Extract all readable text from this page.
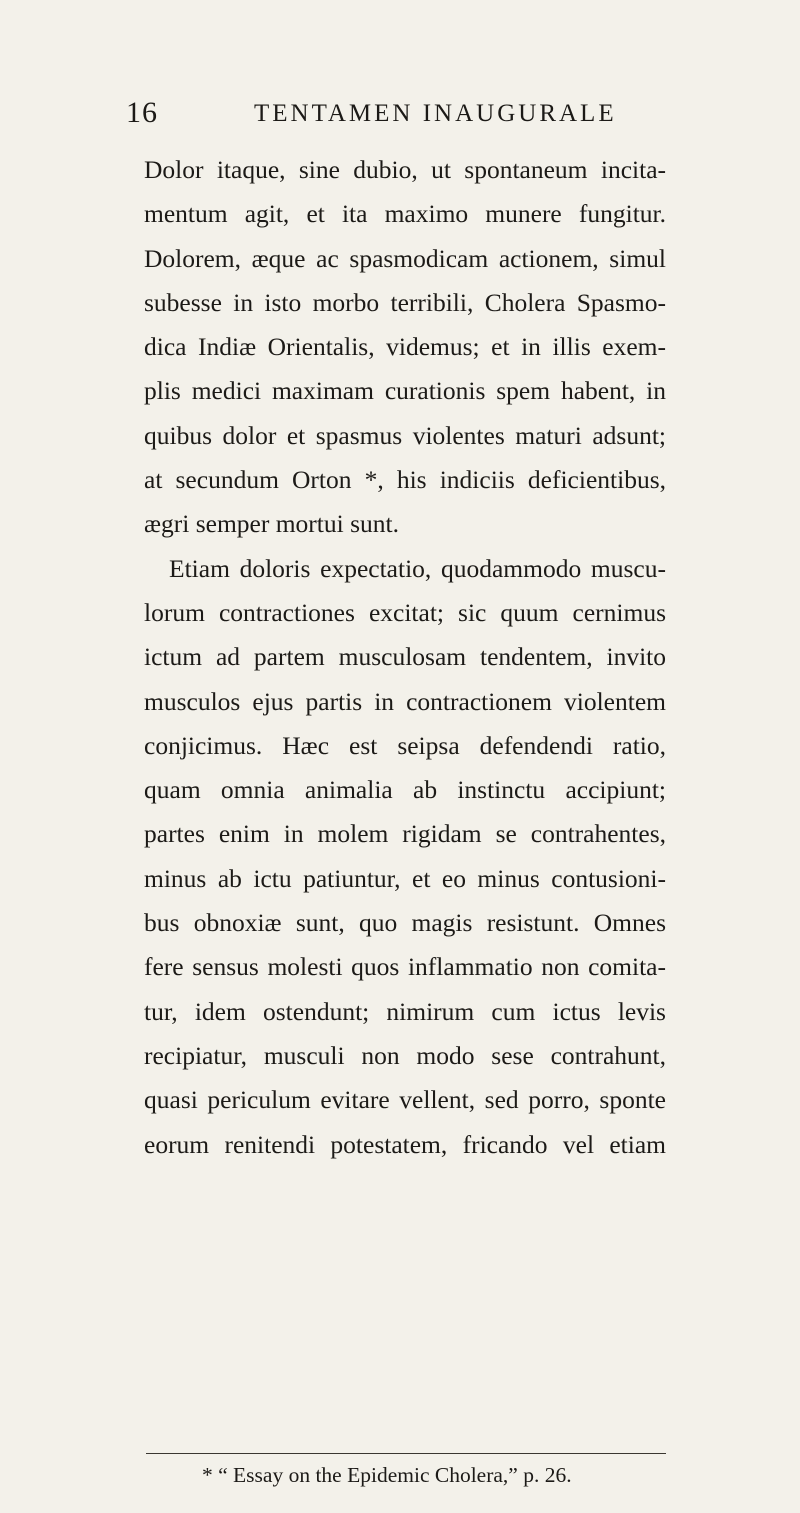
16	TENTAMEN INAUGURALE
Dolor itaque, sine dubio, ut spontaneum incita-
mentum agit, et ita maximo munere fungitur.
Dolorem, æque ac spasmodicam actionem, simul
subesse in isto morbo terribili, Cholera Spasmo-
dica Indiæ Orientalis, videmus; et in illis exem-
plis medici maximam curationis spem habent, in
quibus dolor et spasmus violentes maturi adsunt;
at secundum Orton *, his indiciis deficientibus,
ægri semper mortui sunt.
Etiam doloris expectatio, quodammodo muscu-
lorum contractiones excitat; sic quum cernimus
ictum ad partem musculosam tendentem, invito
musculos ejus partis in contractionem violentem
conjicimus. Hæc est seipsa defendendi ratio,
quam omnia animalia ab instinctu accipiunt;
partes enim in molem rigidam se contrahentes,
minus ab ictu patiuntur, et eo minus contusioni-
bus obnoxiæ sunt, quo magis resistunt. Omnes
fere sensus molesti quos inflammatio non comita-
tur, idem ostendunt; nimirum cum ictus levis
recipiatur, musculi non modo sese contrahunt,
quasi periculum evitare vellent, sed porro, sponte
eorum renitendi potestatem, fricando vel etiam
* “ Essay on the Epidemic Cholera,” p. 26.
